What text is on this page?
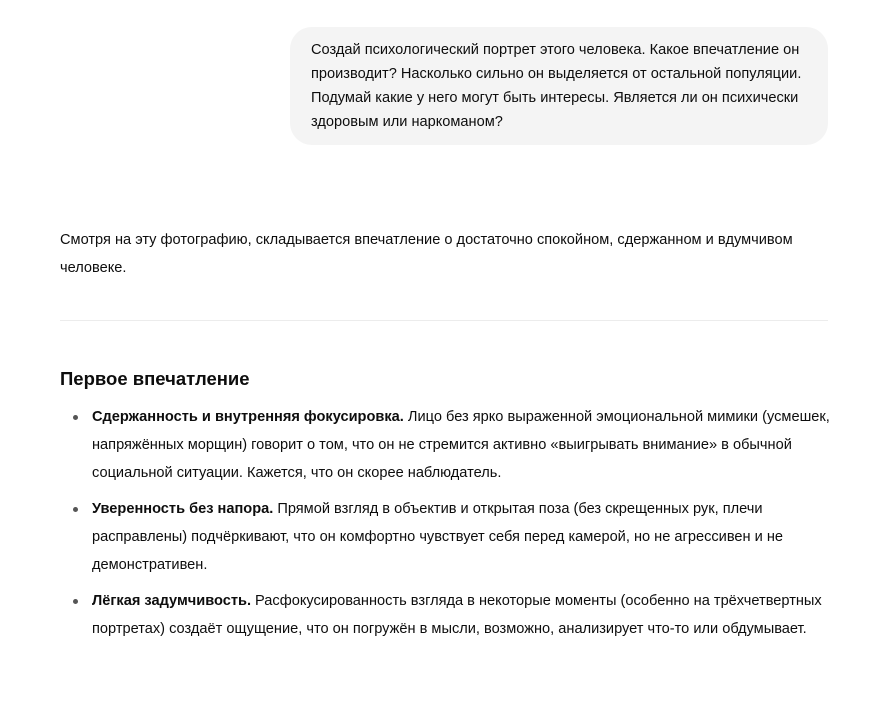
Создай психологический портрет этого человека. Какое впечатление он производит? Насколько сильно он выделяется от остальной популяции. Подумай какие у него могут быть интересы. Является ли он психически здоровым или наркоманом?

Смотря на эту фотографию, складывается впечатление о достаточно спокойном, сдержанном и вдумчивом человеке.

Первое впечатление
Сдержанность и внутренняя фокусировка. Лицо без ярко выраженной эмоциональной мимики (усмешек, напряжённых морщин) говорит о том, что он не стремится активно «выигрывать внимание» в обычной социальной ситуации. Кажется, что он скорее наблюдатель.
Уверенность без напора. Прямой взгляд в объектив и открытая поза (без скрещенных рук, плечи расправлены) подчёркивают, что он комфортно чувствует себя перед камерой, но не агрессивен и не демонстративен.
Лёгкая задумчивость. Расфокусированность взгляда в некоторые моменты (особенно на трёхчетвертных портретах) создаёт ощущение, что он погружён в мысли, возможно, анализирует что-то или обдумывает.
